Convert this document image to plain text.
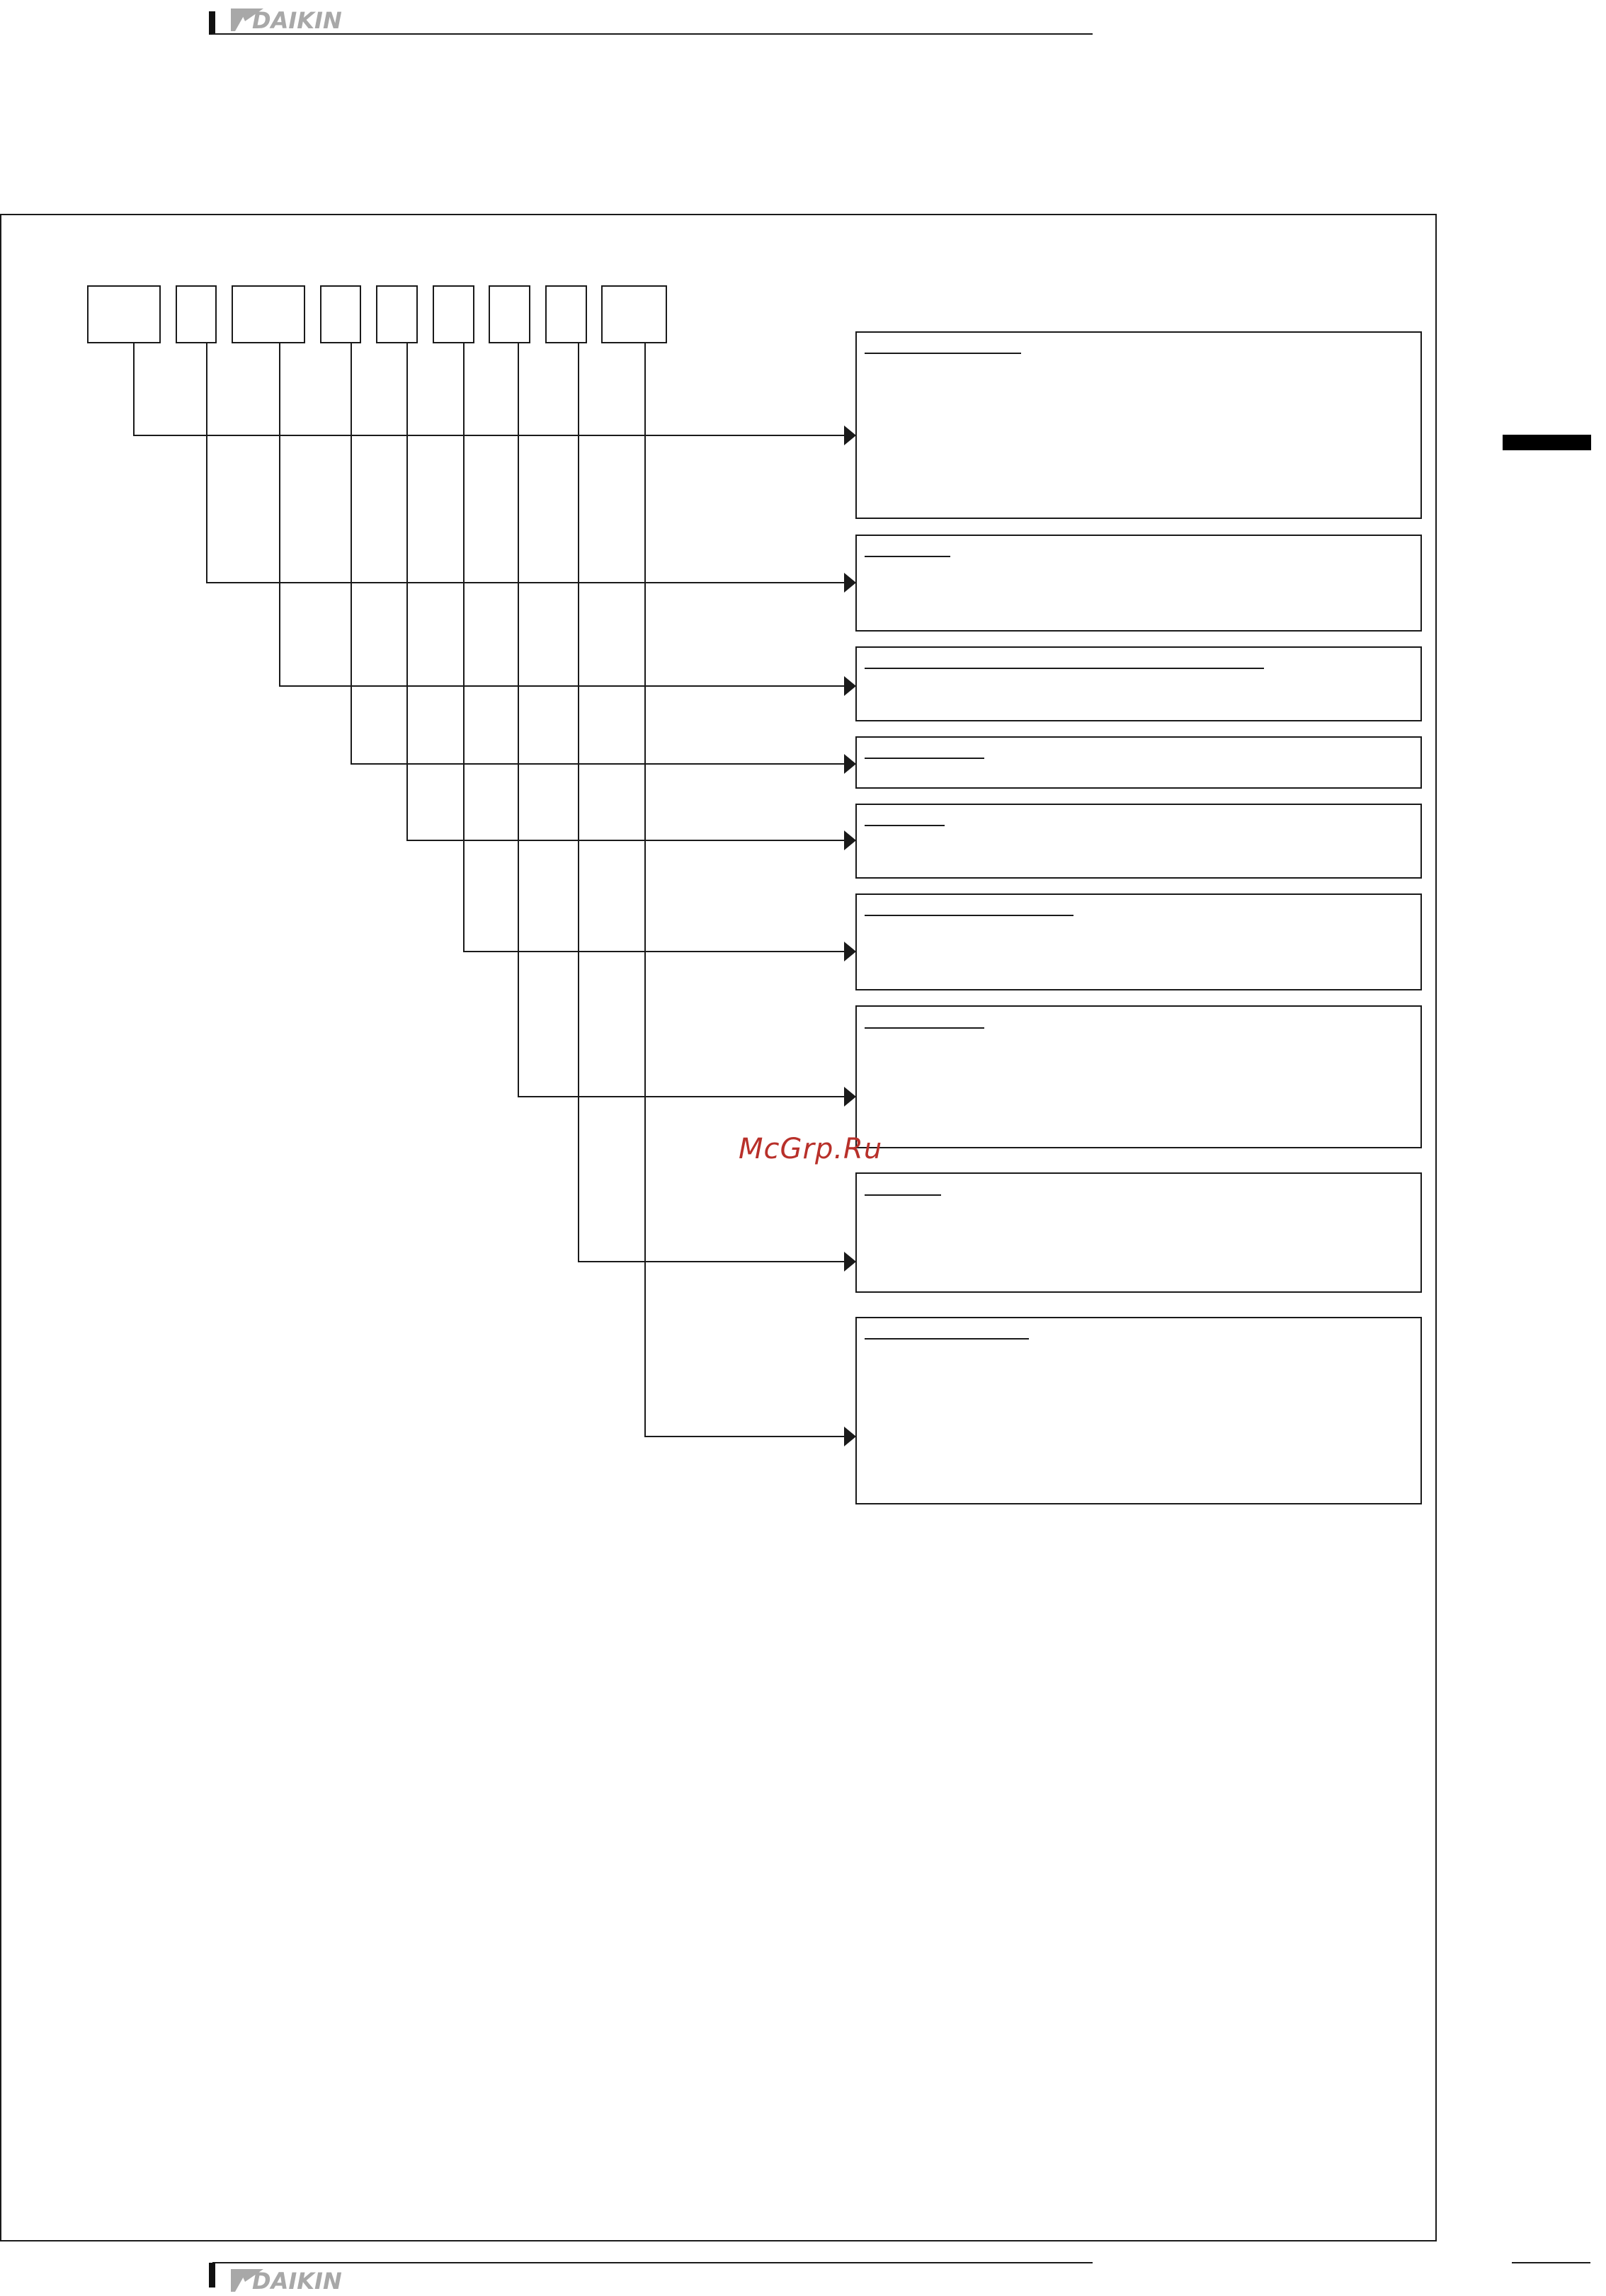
DAIKIN
DAIKIN
McGrp.Ru
